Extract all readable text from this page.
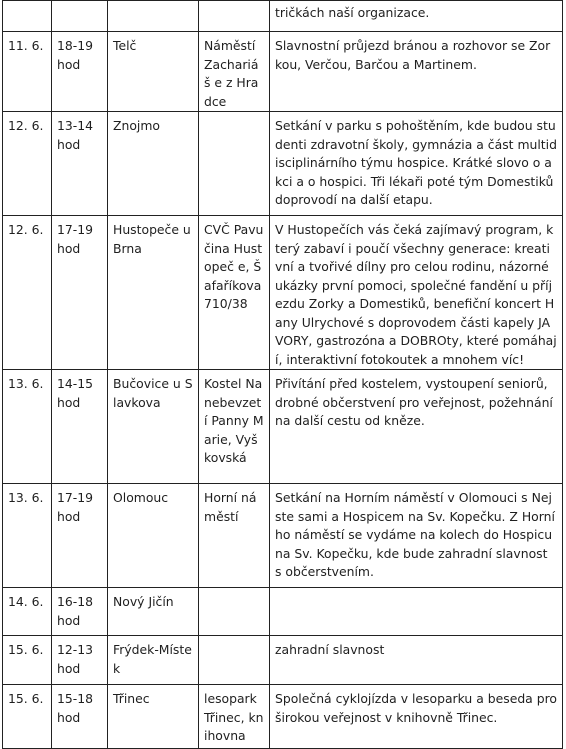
				tričkách naší organizace.
11. 6.	18-19 hod	Telč	Náměstí Zachariáš e z Hradce	Slavnostní průjezd bránou a rozhovor se Zorkou, Verčou, Barčou a Martinem.
12. 6.	13-14 hod	Znojmo		Setkání v parku s pohoštěním, kde budou studenti zdravotní školy, gymnázia a část multidisciplinárního týmu hospice. Krátké slovo o akci a o hospici. Tři lékaři poté tým Domestiků doprovodí na další etapu.
12. 6.	17-19 hod	Hustopeče u Brna	CVČ Pavučina Hustopeč e, Šafaříkova 710/38	V Hustopečích vás čeká zajímavý program, který zabaví i poučí všechny generace: kreativní a tvořivé dílny pro celou rodinu, názorné ukázky první pomoci, společné fandění u příjezdu Zorky a Domestiků, benefiční koncert Hany Ulrychové s doprovodem části kapely JAVORY, gastrozóna a DOBROty, které pomáhají, interaktivní fotokoutek a mnohem víc!
13. 6.	14-15 hod	Bučovice u Slavkova	Kostel Nanebevzetí Panny Marie, Vyškovská	Přivítání před kostelem, vystoupení seniorů, drobné občerstvení pro veřejnost, požehnání na další cestu od kněze.
13. 6.	17-19 hod	Olomouc	Horní náměstí	Setkání na Horním náměstí v Olomouci s Nejste sami a Hospicem na Sv. Kopečku. Z Horního náměstí se vydáme na kolech do Hospicu na Sv. Kopečku, kde bude zahradní slavnost s občerstvením.
14. 6.	16-18 hod	Nový Jičín		
15. 6.	12-13 hod	Frýdek-Místek		zahradní slavnost
15. 6.	15-18 hod	Třinec	lesopark Třinec, knihovna	Společná cyklojízda v lesoparku a beseda pro širokou veřejnost v knihovně Třinec.
